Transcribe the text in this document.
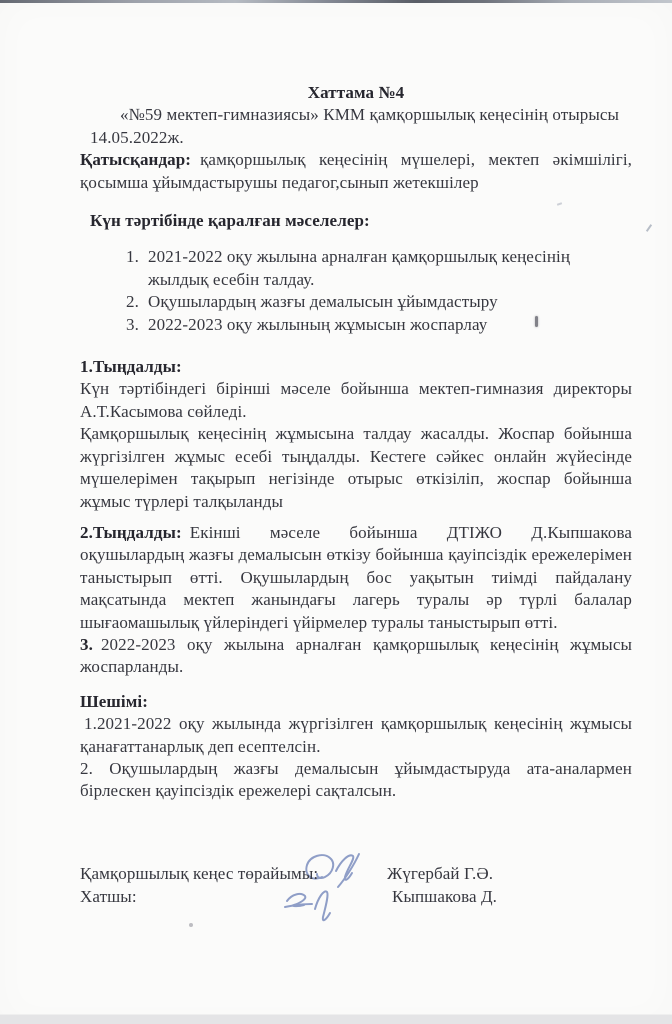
Хаттама №4

«№59 мектеп-гимназиясы» КММ қамқоршылық кеңесінің отырысы

14.05.2022ж.

Қатысқандар: қамқоршылық кеңесінің мүшелері, мектеп әкімшілігі, қосымша ұйымдастырушы педагог,сынып жетекшілер

Күн тәртібінде қаралған мәселелер:

1. 2021-2022 оқу жылына арналған қамқоршылық кеңесінің жылдық есебін талдау.
2. Оқушылардың жазғы демалысын ұйымдастыру
3. 2022-2023 оқу жылының жұмысын жоспарлау

1.Тыңдалды:

Күн тәртібіндегі бірінші мәселе бойынша мектеп-гимназия директоры А.Т.Касымова сөйледі.

Қамқоршылық кеңесінің жұмысына талдау жасалды. Жоспар бойынша жүргізілген жұмыс есебі тыңдалды. Кестеге сәйкес онлайн жүйесінде мүшелерімен тақырып негізінде отырыс өткізіліп, жоспар бойынша жұмыс түрлері талқыланды

2.Тыңдалды: Екінші мәселе бойынша ДТІЖО Д.Кыпшакова оқушылардың жазғы демалысын өткізу бойынша қауіпсіздік ережелерімен таныстырып өтті. Оқушылардың бос уақытын тиімді пайдалану мақсатында мектеп жанындағы лагерь туралы әр түрлі балалар шығаомашылық үйлеріндегі үйірмелер туралы таныстырып өтті.

3. 2022-2023 оқу жылына арналған қамқоршылық кеңесінің жұмысы жоспарланды.

Шешімі:

1.2021-2022 оқу жылында жүргізілген қамқоршылық кеңесінің жұмысы қанағаттанарлық деп есептелсін.

2. Оқушылардың жазғы демалысын ұйымдастыруда ата-аналармен бірлескен қауіпсіздік ережелері сақталсын.

Қамқоршылық кеңес төрайымы:	Жүгербай Г.Ә.
Хатшы:	Кыпшакова Д.
